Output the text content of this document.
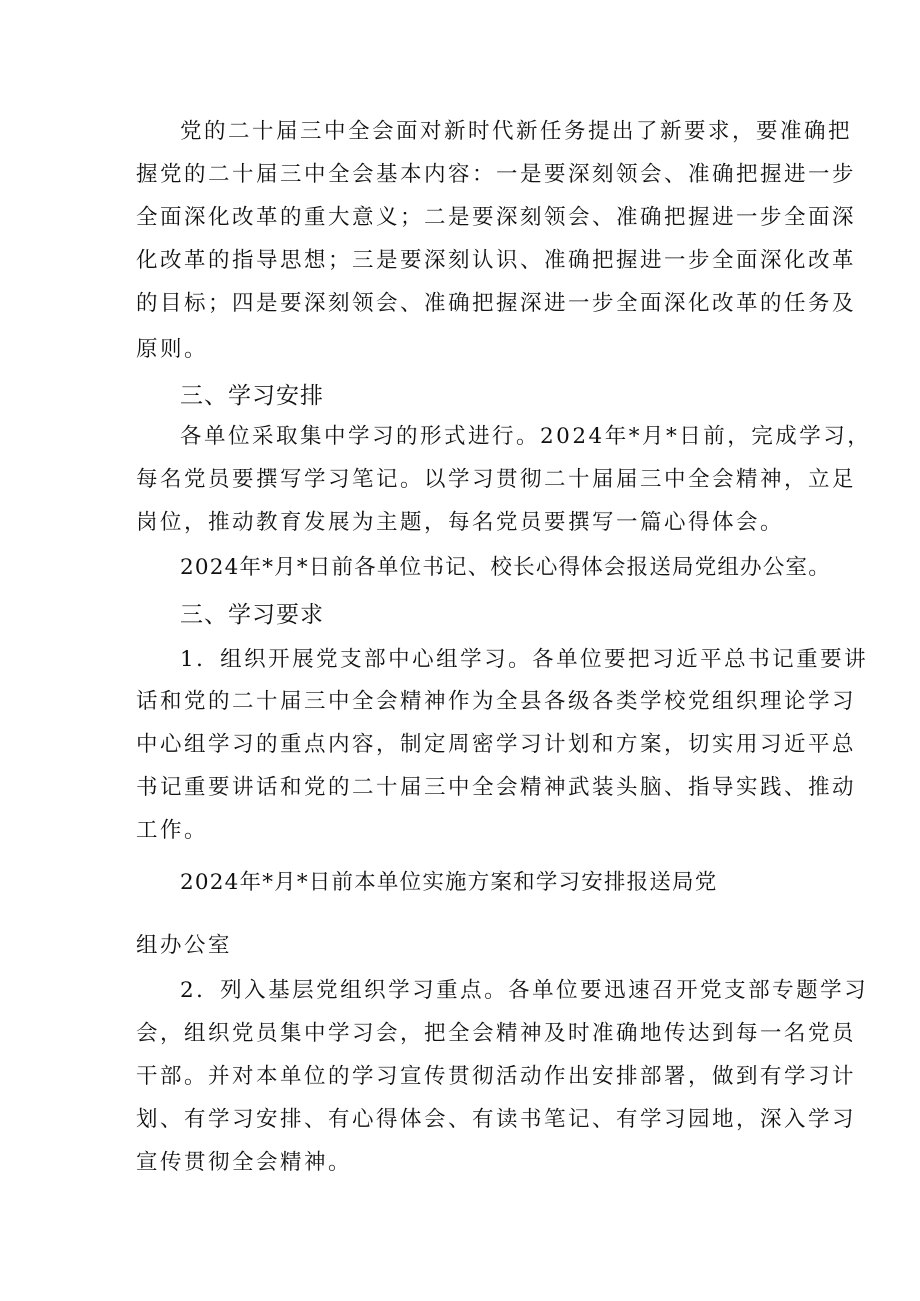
党的二十届三中全会面对新时代新任务提出了新要求，要准确把
握党的二十届三中全会基本内容：一是要深刻领会、准确把握进一步
全面深化改革的重大意义；二是要深刻领会、准确把握进一步全面深
化改革的指导思想；三是要深刻认识、准确把握进一步全面深化改革
的目标；四是要深刻领会、准确把握深进一步全面深化改革的任务及
原则。
三、学习安排
各单位采取集中学习的形式进行。2024年*月*日前，完成学习，
每名党员要撰写学习笔记。以学习贯彻二十届届三中全会精神，立足
岗位，推动教育发展为主题，每名党员要撰写一篇心得体会。
2024年*月*日前各单位书记、校长心得体会报送局党组办公室。
三、学习要求
1．组织开展党支部中心组学习。各单位要把习近平总书记重要讲
话和党的二十届三中全会精神作为全县各级各类学校党组织理论学习
中心组学习的重点内容，制定周密学习计划和方案，切实用习近平总
书记重要讲话和党的二十届三中全会精神武装头脑、指导实践、推动
工作。
2024年*月*日前本单位实施方案和学习安排报送局党
组办公室
2．列入基层党组织学习重点。各单位要迅速召开党支部专题学习
会，组织党员集中学习会，把全会精神及时准确地传达到每一名党员
干部。并对本单位的学习宣传贯彻活动作出安排部署，做到有学习计
划、有学习安排、有心得体会、有读书笔记、有学习园地，深入学习
宣传贯彻全会精神。
